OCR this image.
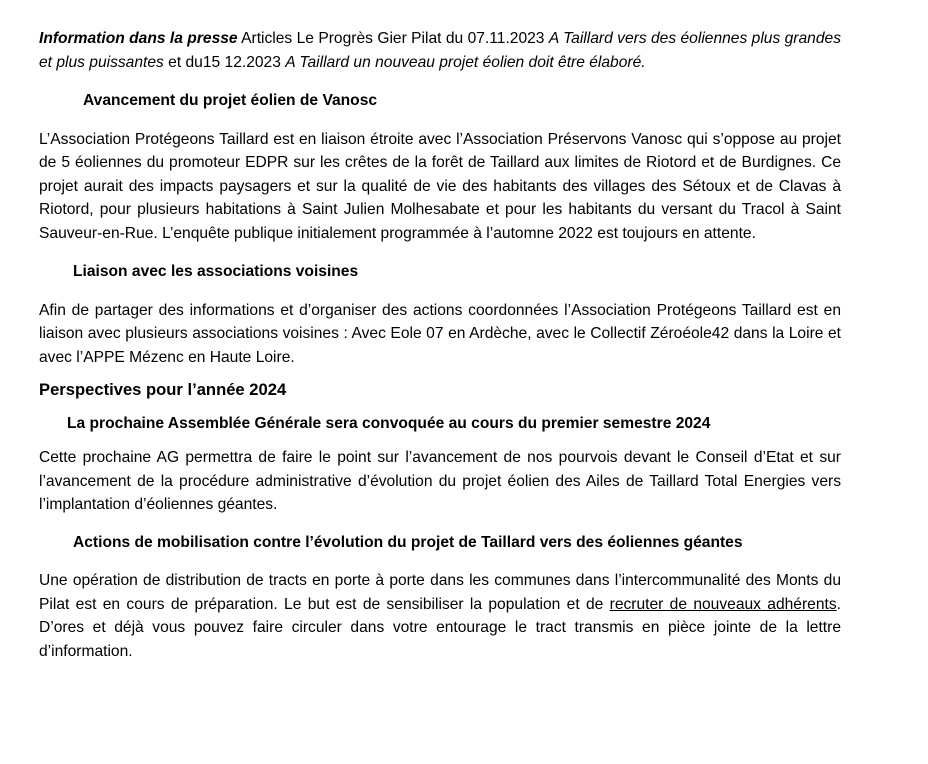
Information dans la presse Articles Le Progrès Gier Pilat du 07.11.2023 A Taillard vers des éoliennes plus grandes et plus puissantes et du15 12.2023 A Taillard un nouveau projet éolien doit être élaboré.

Avancement du projet éolien de Vanosc

L’Association Protégeons Taillard est en liaison étroite avec l’Association Préservons Vanosc qui s’oppose au projet de 5 éoliennes du promoteur EDPR sur les crêtes de la forêt de Taillard aux limites de Riotord et de Burdignes. Ce projet aurait des impacts paysagers et sur la qualité de vie des habitants des villages des Sétoux et de Clavas à Riotord, pour plusieurs habitations à Saint Julien Molhesabate et pour les habitants du versant du Tracol à Saint Sauveur-en-Rue. L’enquête publique initialement programmée à l’automne 2022 est toujours en attente.

Liaison avec les associations voisines

Afin de partager des informations et d’organiser des actions coordonnées l’Association Protégeons Taillard est en liaison avec plusieurs associations voisines : Avec Eole 07 en Ardèche, avec le Collectif Zéroéole42 dans la Loire et avec l’APPE Mézenc en Haute Loire.

Perspectives pour l’année 2024

La prochaine Assemblée Générale sera convoquée au cours du premier semestre 2024

Cette prochaine AG permettra de faire le point sur l’avancement de nos pourvois devant le Conseil d’Etat et sur l’avancement de la procédure administrative d’évolution du projet éolien des Ailes de Taillard Total Energies vers l’implantation d’éoliennes géantes.

Actions de mobilisation contre l’évolution du projet de Taillard vers des éoliennes géantes

Une opération de distribution de tracts en porte à porte dans les communes dans l’intercommunalité des Monts du Pilat est en cours de préparation. Le but est de sensibiliser la population et de recruter de nouveaux adhérents. D’ores et déjà vous pouvez faire circuler dans votre entourage le tract transmis en pièce jointe de la lettre d’information.
